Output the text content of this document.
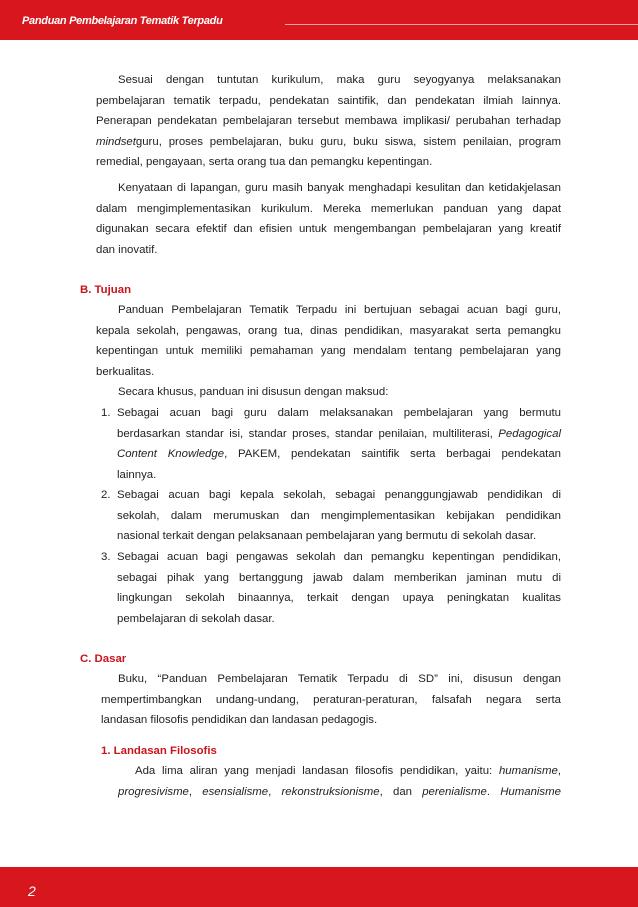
Panduan Pembelajaran Tematik Terpadu

Sesuai dengan tuntutan kurikulum, maka guru seyogyanya melaksanakan
pembelajaran tematik terpadu, pendekatan saintifik, dan pendekatan ilmiah lainnya.
Penerapan pendekatan pembelajaran tersebut membawa implikasi/ perubahan terhadap
mindsetguru, proses pembelajaran, buku guru, buku siswa, sistem penilaian, program
remedial, pengayaan, serta orang tua dan pemangku kepentingan.

Kenyataan di lapangan, guru masih banyak menghadapi kesulitan dan ketidakjelasan
dalam mengimplementasikan kurikulum. Mereka memerlukan panduan yang dapat
digunakan secara efektif dan efisien untuk mengembangan pembelajaran yang kreatif
dan inovatif.

B. Tujuan

Panduan Pembelajaran Tematik Terpadu ini bertujuan sebagai acuan bagi guru,
kepala sekolah, pengawas, orang tua, dinas pendidikan, masyarakat serta pemangku
kepentingan untuk memiliki pemahaman yang mendalam tentang pembelajaran yang
berkualitas.

Secara khusus, panduan ini disusun dengan maksud:

1. Sebagai acuan bagi guru dalam melaksanakan pembelajaran yang bermutu
berdasarkan standar isi, standar proses, standar penilaian, multiliterasi, Pedagogical
Content Knowledge, PAKEM, pendekatan saintifik serta berbagai pendekatan
lainnya.

2. Sebagai acuan bagi kepala sekolah, sebagai penanggungjawab pendidikan di
sekolah, dalam merumuskan dan mengimplementasikan kebijakan pendidikan
nasional terkait dengan pelaksanaan pembelajaran yang bermutu di sekolah dasar.

3. Sebagai acuan bagi pengawas sekolah dan pemangku kepentingan pendidikan,
sebagai pihak yang bertanggung jawab dalam memberikan jaminan mutu di
lingkungan sekolah binaannya, terkait dengan upaya peningkatan kualitas
pembelajaran di sekolah dasar.

C. Dasar

Buku, “Panduan Pembelajaran Tematik Terpadu di SD” ini, disusun dengan
mempertimbangkan undang-undang, peraturan-peraturan, falsafah negara serta
landasan filosofis pendidikan dan landasan pedagogis.

1. Landasan Filosofis

Ada lima aliran yang menjadi landasan filosofis pendidikan, yaitu: humanisme,
progresivisme, esensialisme, rekonstruksionisme, dan perenialisme. Humanisme

2
